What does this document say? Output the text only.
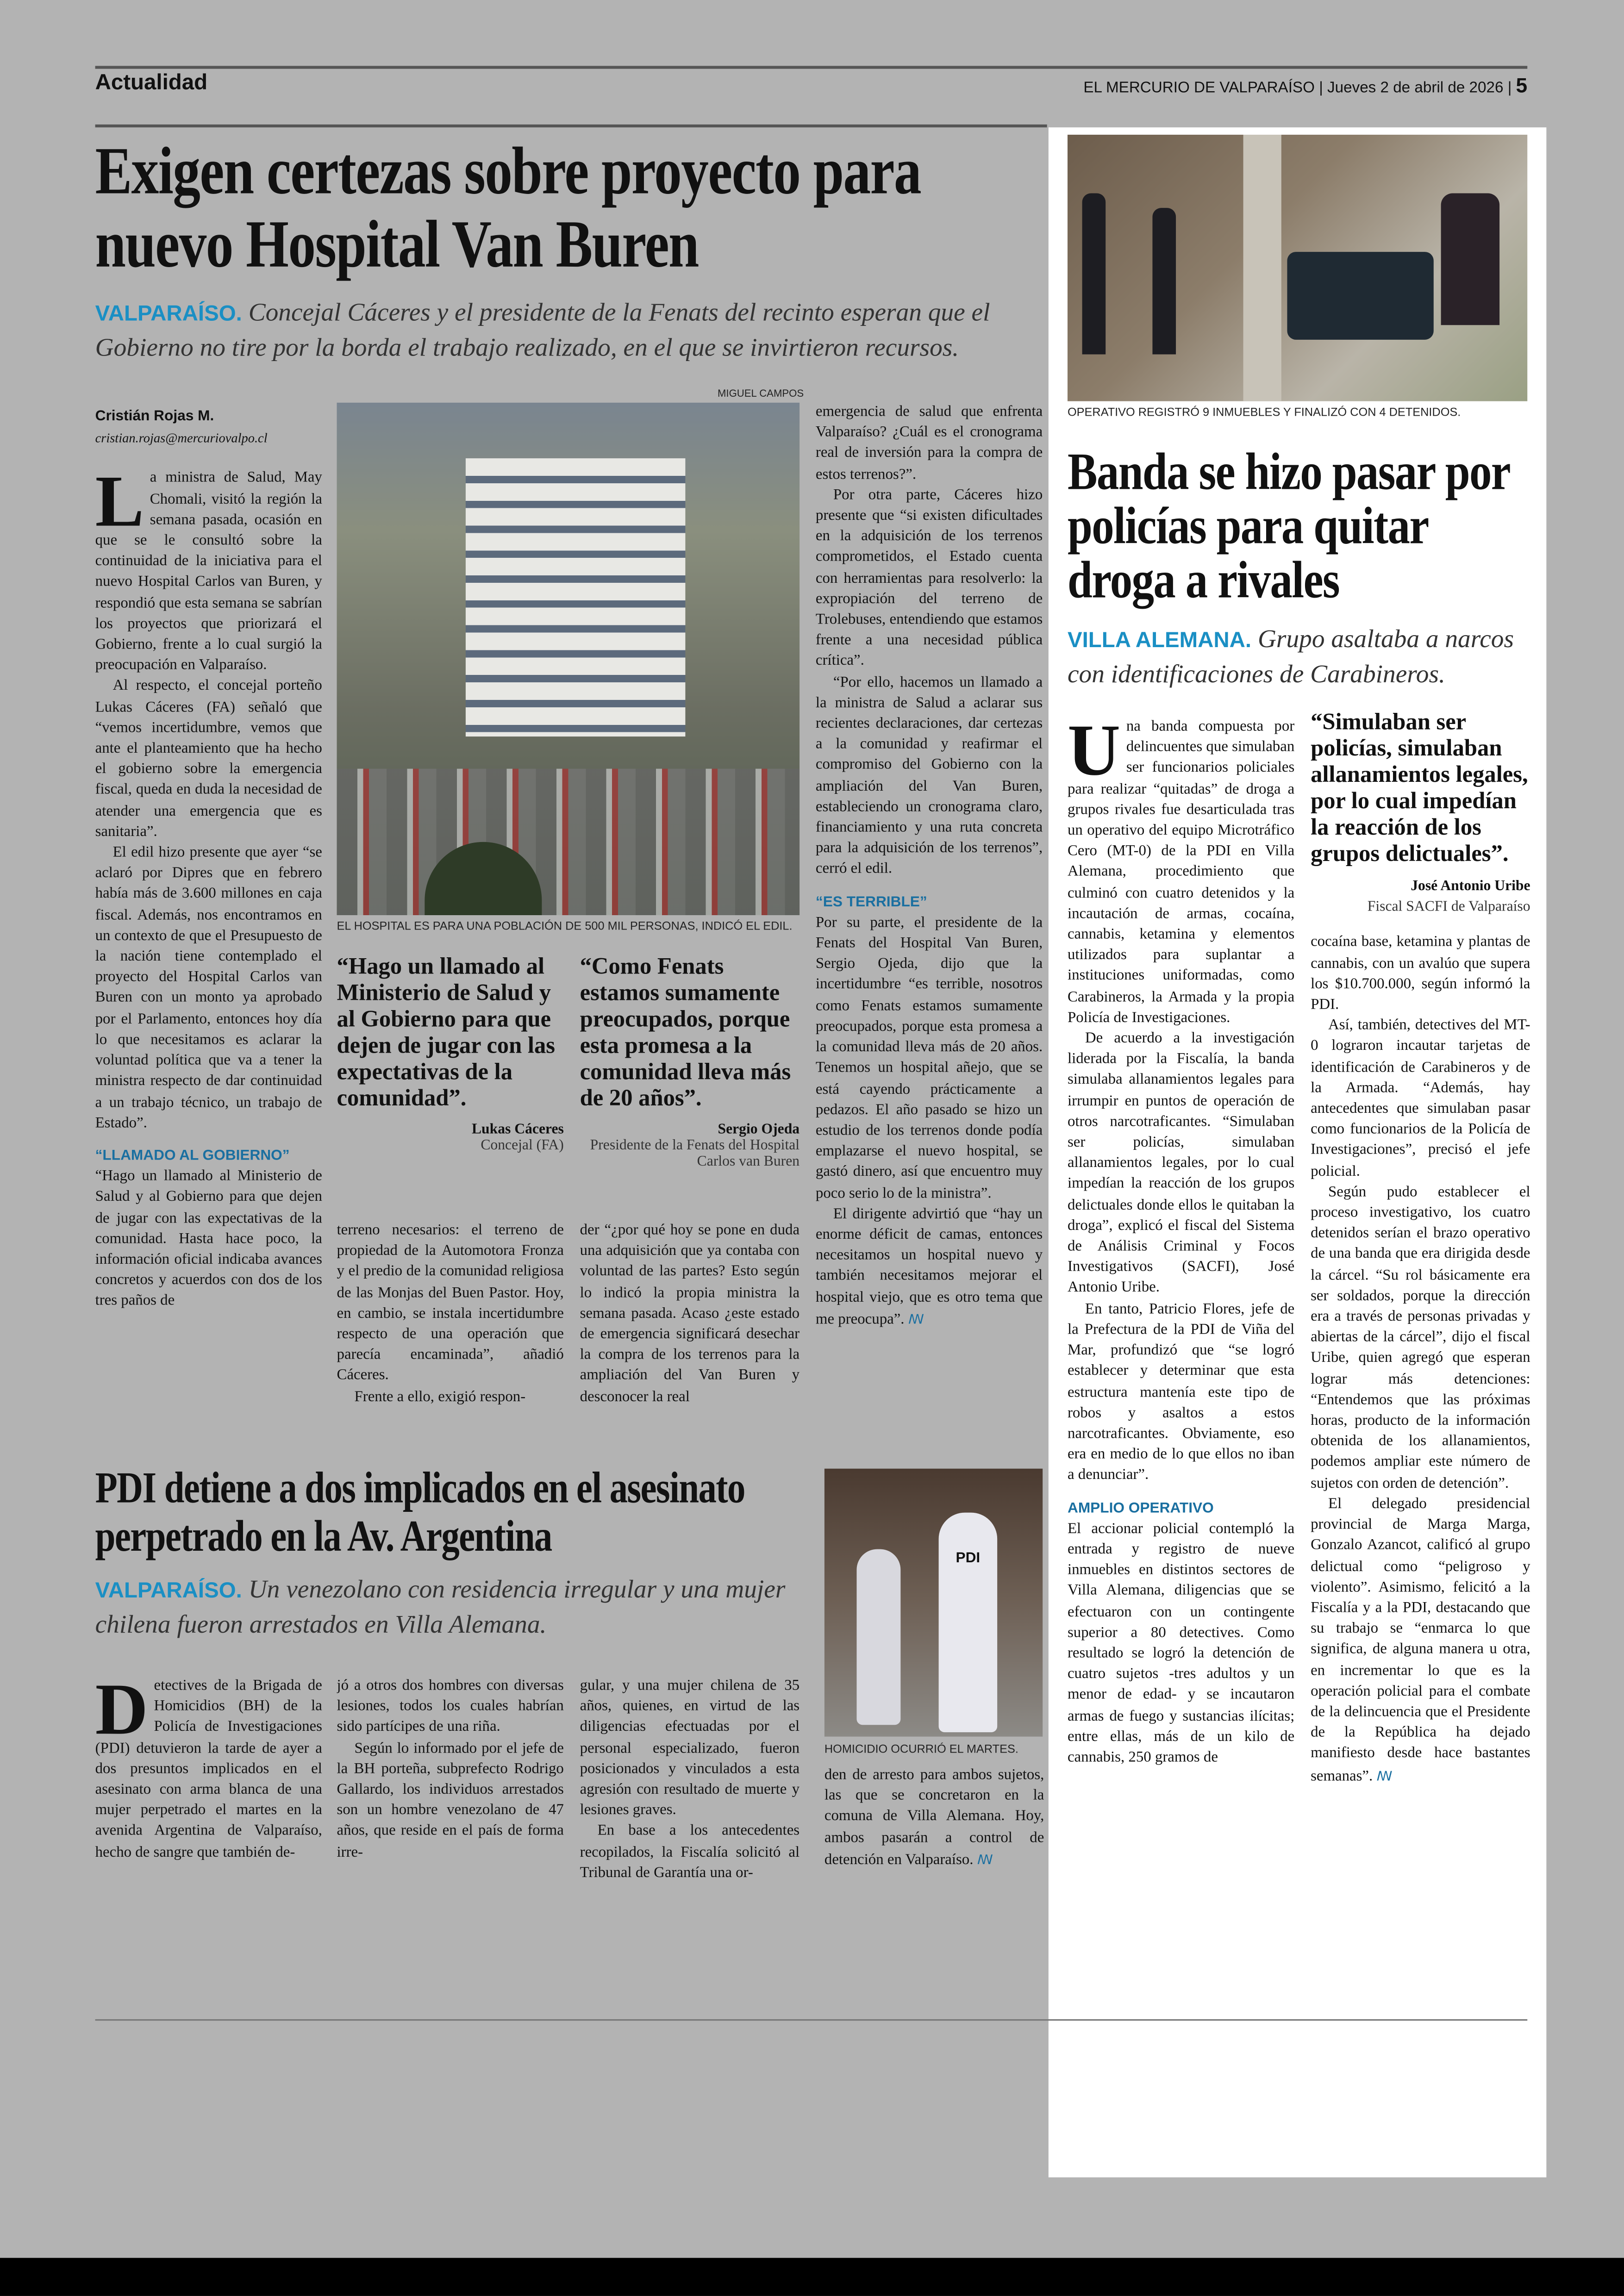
Actualidad	EL MERCURIO DE VALPARAÍSO | Jueves 2 de abril de 2026 | 5
Exigen certezas sobre proyecto para nuevo Hospital Van Buren
VALPARAÍSO. Concejal Cáceres y el presidente de la Fenats del recinto esperan que el Gobierno no tire por la borda el trabajo realizado, en el que se invirtieron recursos.
Cristián Rojas M.
cristian.rojas@mercuriovalpo.cl

L a ministra de Salud, May Chomali, visitó la región la semana pasada, ocasión en que se le consultó sobre la continuidad de la iniciativa para el nuevo Hospital Carlos van Buren, y respondió que esta semana se sabrían los proyectos que priorizará el Gobierno, frente a lo cual surgió la preocupación en Valparaíso.

Al respecto, el concejal porteño Lukas Cáceres (FA) señaló que “vemos incertidumbre, vemos que ante el planteamiento que ha hecho el gobierno sobre la emergencia fiscal, queda en duda la necesidad de atender una emergencia que es sanitaria”.

El edil hizo presente que ayer “se aclaró por Dipres que en febrero había más de 3.600 millones en caja fiscal. Además, nos encontramos en un contexto de que el Presupuesto de la nación tiene contemplado el proyecto del Hospital Carlos van Buren con un monto ya aprobado por el Parlamento, entonces hoy día lo que necesitamos es aclarar la voluntad política que va a tener la ministra respecto de dar continuidad a un trabajo técnico, un trabajo de Estado”.

“LLAMADO AL GOBIERNO”

“Hago un llamado al Ministerio de Salud y al Gobierno para que dejen de jugar con las expectativas de la comunidad. Hasta hace poco, la información oficial indicaba avances concretos y acuerdos con dos de los tres paños de

MIGUEL CAMPOS
EL HOSPITAL ES PARA UNA POBLACIÓN DE 500 MIL PERSONAS, INDICÓ EL EDIL.
“Hago un llamado al Ministerio de Salud y al Gobierno para que dejen de jugar con las expectativas de la comunidad”.
Lukas Cáceres
Concejal (FA)
“Como Fenats estamos sumamente preocupados, porque esta promesa a la comunidad lleva más de 20 años”.
Sergio Ojeda
Presidente de la Fenats del Hospital Carlos van Buren

terreno necesarios: el terreno de propiedad de la Automotora Fronza y el predio de la comunidad religiosa de las Monjas del Buen Pastor. Hoy, en cambio, se instala incertidumbre respecto de una operación que parecía encaminada”, añadió Cáceres.

Frente a ello, exigió respon-

der “¿por qué hoy se pone en duda una adquisición que ya contaba con voluntad de las partes? Esto según lo indicó la propia ministra la semana pasada. Acaso ¿este estado de emergencia significará desechar la compra de los terrenos para la ampliación del Van Buren y desconocer la real

emergencia de salud que enfrenta Valparaíso? ¿Cuál es el cronograma real de inversión para la compra de estos terrenos?”.

Por otra parte, Cáceres hizo presente que “si existen dificultades en la adquisición de los terrenos comprometidos, el Estado cuenta con herramientas para resolverlo: la expropiación del terreno de Trolebuses, entendiendo que estamos frente a una necesidad pública crítica”.

“Por ello, hacemos un llamado a la ministra de Salud a aclarar sus recientes declaraciones, dar certezas a la comunidad y reafirmar el compromiso del Gobierno con la ampliación del Van Buren, estableciendo un cronograma claro, financiamiento y una ruta concreta para la adquisición de los terrenos”, cerró el edil.

“ES TERRIBLE”

Por su parte, el presidente de la Fenats del Hospital Van Buren, Sergio Ojeda, dijo que la incertidumbre “es terrible, nosotros como Fenats estamos sumamente preocupados, porque esta promesa a la comunidad lleva más de 20 años. Tenemos un hospital añejo, que se está cayendo prácticamente a pedazos. El año pasado se hizo un estudio de los terrenos donde podía emplazarse el nuevo hospital, se gastó dinero, así que encuentro muy poco serio lo de la ministra”.

El dirigente advirtió que “hay un enorme déficit de camas, entonces necesitamos un hospital nuevo y también necesitamos mejorar el hospital viejo, que es otro tema que me preocupa”. ꟿ

OPERATIVO REGISTRÓ 9 INMUEBLES Y FINALIZÓ CON 4 DETENIDOS.
Banda se hizo pasar por policías para quitar droga a rivales
VILLA ALEMANA. Grupo asaltaba a narcos con identificaciones de Carabineros.

U na banda compuesta por delincuentes que simulaban ser funcionarios policiales para realizar “quitadas” de droga a grupos rivales fue desarticulada tras un operativo del equipo Microtráfico Cero (MT-0) de la PDI en Villa Alemana, procedimiento que culminó con cuatro detenidos y la incautación de armas, cocaína, cannabis, ketamina y elementos utilizados para suplantar a instituciones uniformadas, como Carabineros, la Armada y la propia Policía de Investigaciones.

De acuerdo a la investigación liderada por la Fiscalía, la banda simulaba allanamientos legales para irrumpir en puntos de operación de otros narcotraficantes. “Simulaban ser policías, simulaban allanamientos legales, por lo cual impedían la reacción de los grupos delictuales donde ellos le quitaban la droga”, explicó el fiscal del Sistema de Análisis Criminal y Focos Investigativos (SACFI), José Antonio Uribe.

En tanto, Patricio Flores, jefe de la Prefectura de la PDI de Viña del Mar, profundizó que “se logró establecer y determinar que esta estructura mantenía este tipo de robos y asaltos a estos narcotraficantes. Obviamente, eso era en medio de lo que ellos no iban a denunciar”.

AMPLIO OPERATIVO

El accionar policial contempló la entrada y registro de nueve inmuebles en distintos sectores de Villa Alemana, diligencias que se efectuaron con un contingente superior a 80 detectives. Como resultado se logró la detención de cuatro sujetos -tres adultos y un menor de edad- y se incautaron armas de fuego y sustancias ilícitas; entre ellas, más de un kilo de cannabis, 250 gramos de

“Simulaban ser policías, simulaban allanamientos legales, por lo cual impedían la reacción de los grupos delictuales”.
José Antonio Uribe
Fiscal SACFI de Valparaíso

cocaína base, ketamina y plantas de cannabis, con un avalúo que supera los $10.700.000, según informó la PDI.

Así, también, detectives del MT-0 lograron incautar tarjetas de identificación de Carabineros y de la Armada. “Además, hay antecedentes que simulaban pasar como funcionarios de la Policía de Investigaciones”, precisó el jefe policial.

Según pudo establecer el proceso investigativo, los cuatro detenidos serían el brazo operativo de una banda que era dirigida desde la cárcel. “Su rol básicamente era ser soldados, porque la dirección era a través de personas privadas y abiertas de la cárcel”, dijo el fiscal Uribe, quien agregó que esperan lograr más detenciones: “Entendemos que las próximas horas, producto de la información obtenida de los allanamientos, podemos ampliar este número de sujetos con orden de detención”.

El delegado presidencial provincial de Marga Marga, Gonzalo Azancot, calificó al grupo delictual como “peligroso y violento”. Asimismo, felicitó a la Fiscalía y a la PDI, destacando que su trabajo se “enmarca lo que significa, de alguna manera u otra, en incrementar lo que es la operación policial para el combate de la delincuencia que el Presidente de la República ha dejado manifiesto desde hace bastantes semanas”. ꟿ

PDI detiene a dos implicados en el asesinato perpetrado en la Av. Argentina
VALPARAÍSO. Un venezolano con residencia irregular y una mujer chilena fueron arrestados en Villa Alemana.

D etectives de la Brigada de Homicidios (BH) de la Policía de Investigaciones (PDI) detuvieron la tarde de ayer a dos presuntos implicados en el asesinato con arma blanca de una mujer perpetrado el martes en la avenida Argentina de Valparaíso, hecho de sangre que también de-

jó a otros dos hombres con diversas lesiones, todos los cuales habrían sido partícipes de una riña.

Según lo informado por el jefe de la BH porteña, subprefecto Rodrigo Gallardo, los individuos arrestados son un hombre venezolano de 47 años, que reside en el país de forma irre-

gular, y una mujer chilena de 35 años, quienes, en virtud de las diligencias efectuadas por el personal especializado, fueron posicionados y vinculados a esta agresión con resultado de muerte y lesiones graves.

En base a los antecedentes recopilados, la Fiscalía solicitó al Tribunal de Garantía una or-

PDI
HOMICIDIO OCURRIÓ EL MARTES.

den de arresto para ambos sujetos, las que se concretaron en la comuna de Villa Alemana. Hoy, ambos pasarán a control de detención en Valparaíso. ꟿ
